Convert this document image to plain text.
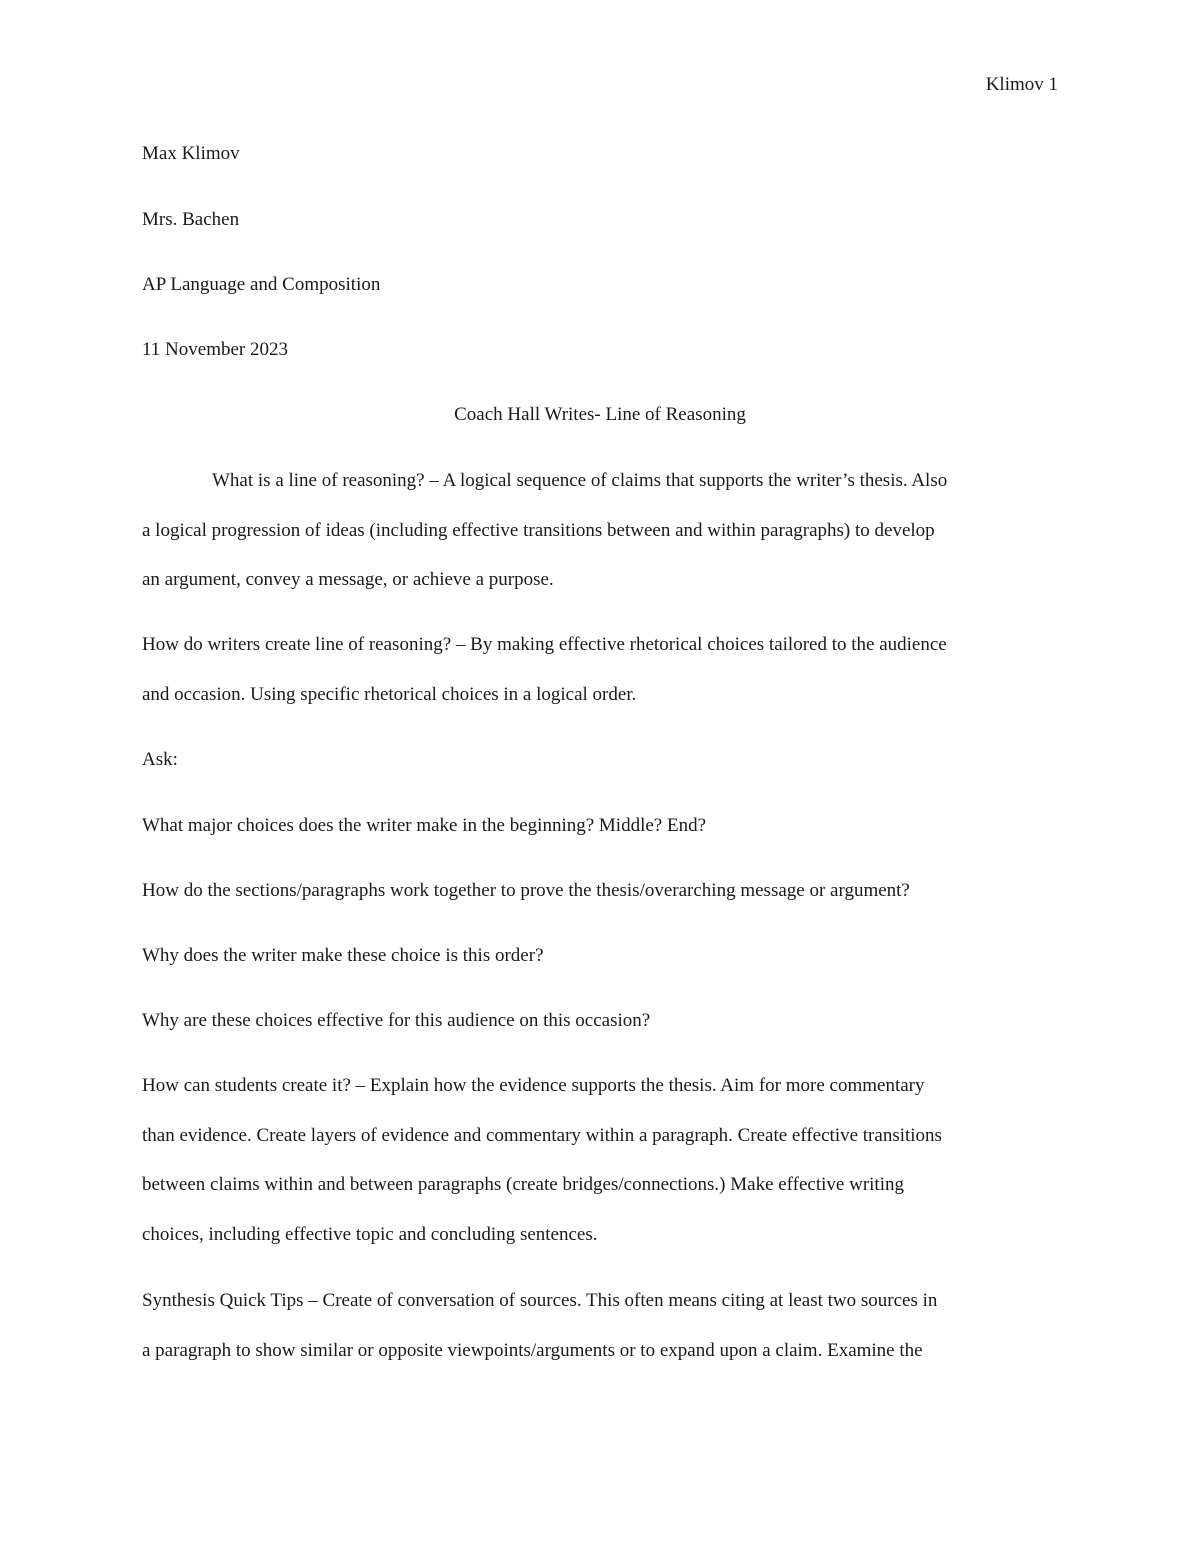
Klimov 1
Max Klimov
Mrs. Bachen
AP Language and Composition
11 November 2023
Coach Hall Writes- Line of Reasoning
What is a line of reasoning? – A logical sequence of claims that supports the writer’s thesis. Also
a logical progression of ideas (including effective transitions between and within paragraphs) to develop
an argument, convey a message, or achieve a purpose.
How do writers create line of reasoning? – By making effective rhetorical choices tailored to the audience
and occasion. Using specific rhetorical choices in a logical order.
Ask:
What major choices does the writer make in the beginning? Middle? End?
How do the sections/paragraphs work together to prove the thesis/overarching message or argument?
Why does the writer make these choice is this order?
Why are these choices effective for this audience on this occasion?
How can students create it? – Explain how the evidence supports the thesis. Aim for more commentary
than evidence. Create layers of evidence and commentary within a paragraph. Create effective transitions
between claims within and between paragraphs (create bridges/connections.) Make effective writing
choices, including effective topic and concluding sentences.
Synthesis Quick Tips – Create of conversation of sources. This often means citing at least two sources in
a paragraph to show similar or opposite viewpoints/arguments or to expand upon a claim. Examine the
